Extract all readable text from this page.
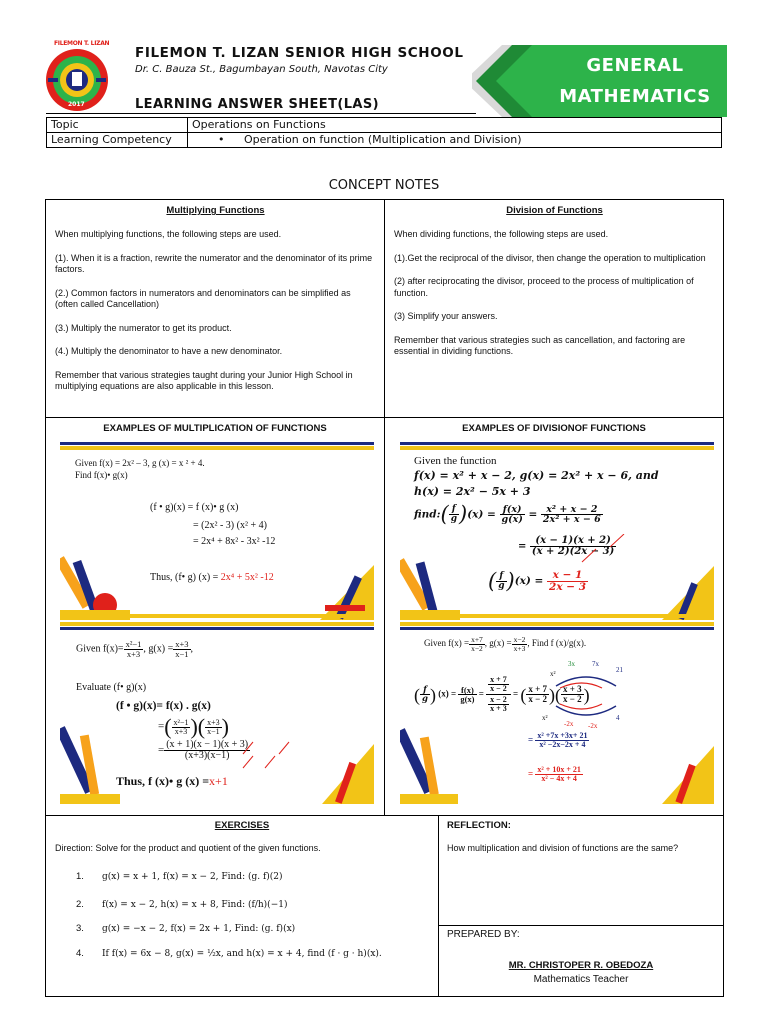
FILEMON T. LIZAN
2017
FILEMON T. LIZAN SENIOR HIGH SCHOOL
Dr. C. Bauza St., Bagumbayan South, Navotas City
LEARNING ANSWER SHEET(LAS)
GENERAL
MATHEMATICS
Topic	Operations on Functions
Learning Competency	• Operation on function (Multiplication and Division)
CONCEPT NOTES
Multiplying Functions

When multiplying functions, the following steps are used.

(1). When it is a fraction, rewrite the numerator and the denominator of its prime factors.

(2.) Common factors in numerators and denominators can be simplified as (often called Cancellation)

(3.) Multiply the numerator to get its product.

(4.) Multiply the denominator to have a new denominator.

Remember that various strategies taught during your Junior High School in multiplying equations are also applicable in this lesson.

Division of Functions

When dividing functions, the following steps are used.

(1).Get the reciprocal of the divisor, then change the operation to multiplication

(2) after reciprocating the divisor, proceed to the process of multiplication of function.

(3) Simplify your answers.

Remember that various strategies such as cancellation, and factoring are essential in dividing functions.

EXAMPLES OF MULTIPLICATION OF FUNCTIONS	EXAMPLES OF DIVISIONOF FUNCTIONS
Given f(x) = 2x² – 3, g (x) = x ² + 4.
Find f(x)• g(x)
(f • g)(x) = f (x)• g (x)
= (2x² - 3) (x² + 4)
= 2x⁴ + 8x² - 3x² -12
Thus, (f• g) (x) = 2x⁴ + 5x² -12
Given $f(x)= \frac{\text{x²−1}}{x+3}$ , $g(x) = \frac{x+3}{x-1}$ ,
Evaluate (f• g)(x)
(f • g)(x)= f(x) . g(x)
=( $\frac{\text{x²−1}}{x+3}$ )( $\frac{x+3}{x-1}$ )
= $\frac{(x + 1)(x - 1)(x + 3)}{(x+3)(x-1)}$
Thus, f (x)• g (x) =x+1
Given the function
f(x) = x² + x − 2, g(x) = 2x² + x − 6, and
h(x) = 2x² − 5x + 3
find:( $\frac{f}{g} )(x) = \frac{f(x)}{g(x)} = \frac{\text{x² + x − 2}}{\text{2x² + x − 6}}$
= $\frac{(x - 1)(x + 2)}{(x + 2)(2x - 3)}$
( $\frac{f}{g} )(x) = \frac{x - 1}{2x - 3}$
Given $f(x) = \frac{x+7}{x-2}$ , $g(x) = \frac{x-2}{x+3}$ , Find f (x)/g(x).
3x 7x
21
x²
x²
-2x -2x
4
( $\frac{f}{g}$ ) $(x) = \frac{f(x)}{g(x)} = x + 7$
x − 2
x − 2
x + 3 = ( $\frac{x + 7}{x - 2}$ )( $\frac{x + 3}{x - 2}$ )
= $\frac{\text{x² +7x +3x+ 21}}{\text{x² −2x−2x + 4}}$
= $\frac{\text{x² + 10x + 21}}{\text{x² − 4x + 4}}$
EXERCISES
Direction: Solve for the product and quotient of the given functions.
1. g(x) = x + 1, f(x) = x − 2, Find: (g. f)(2)
2. f(x) = x − 2, h(x) = x + 8, Find: (f/h)(−1)
3. g(x) = −x − 2, f(x) = 2x + 1, Find: (g. f)(x)
4. If f(x) = 6x − 8, g(x) = ½x, and h(x) = x + 4, find (f · g · h)(x).
REFLECTION:
How multiplication and division of functions are the same?
PREPARED BY:
MR. CHRISTOPER R. OBEDOZA
Mathematics Teacher
